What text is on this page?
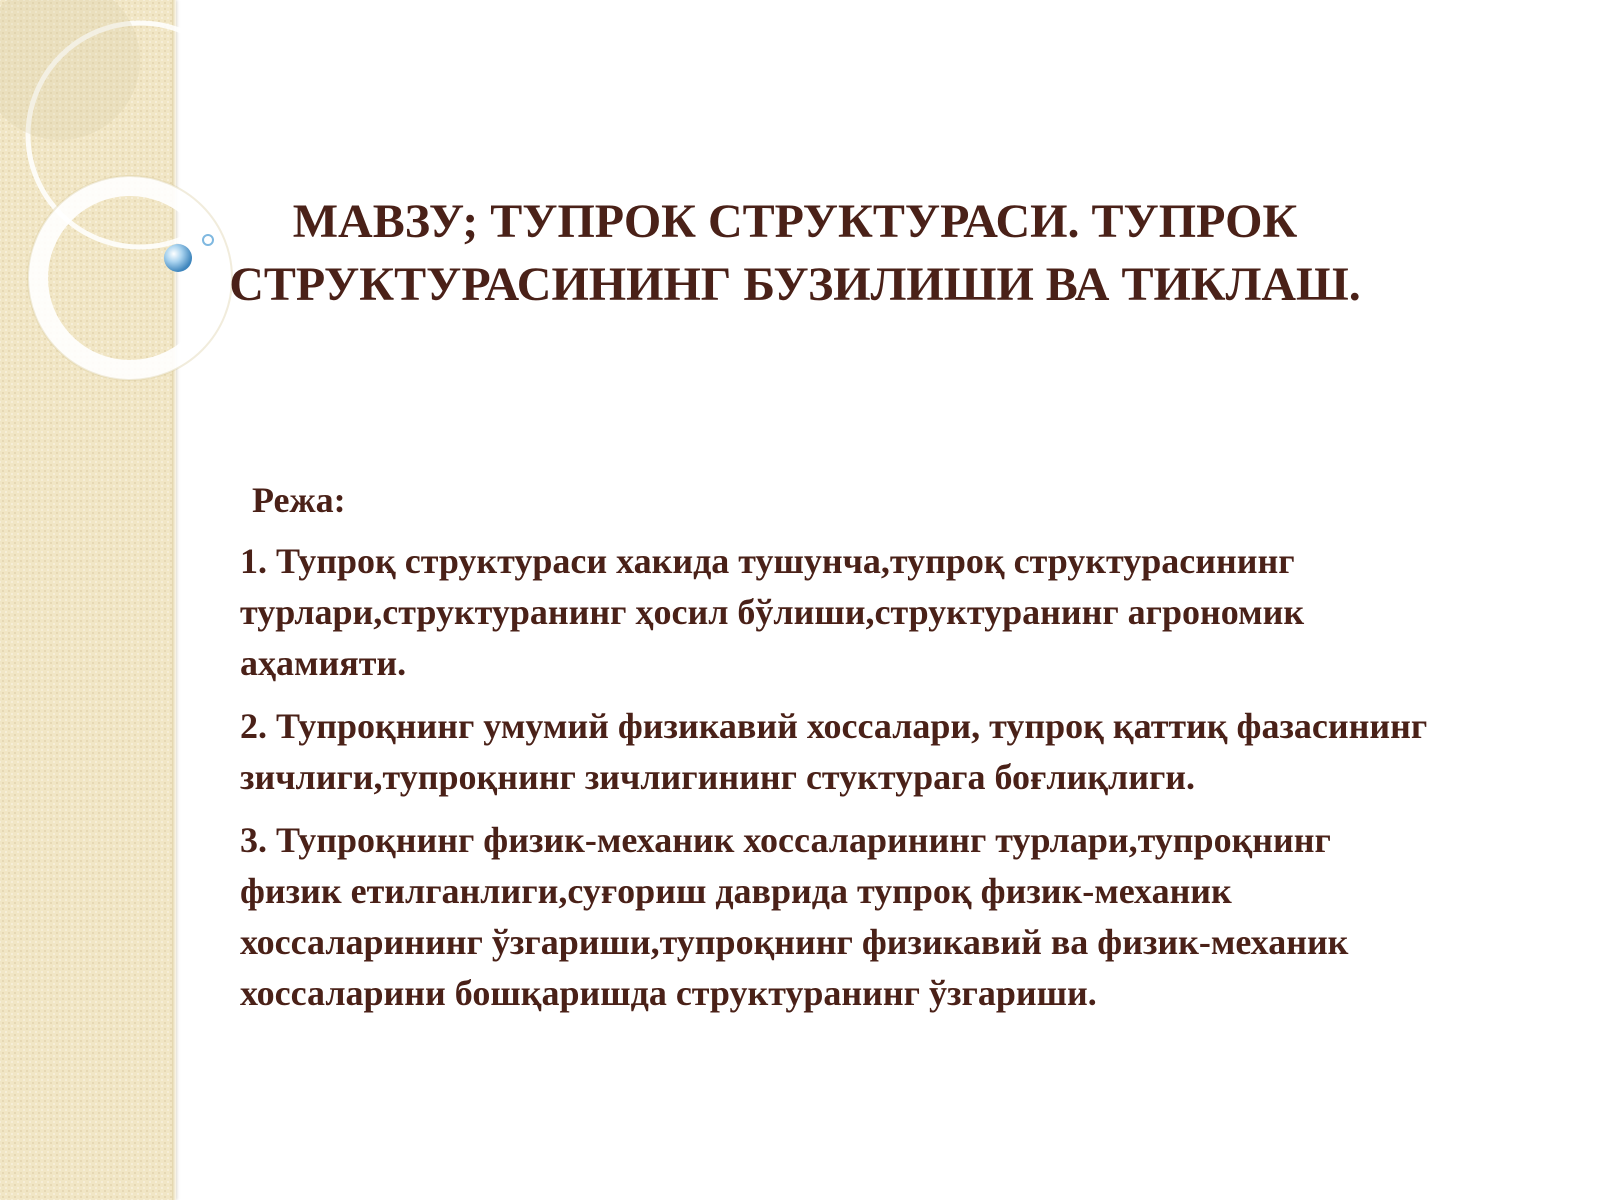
МАВЗУ; ТУПРОК СТРУКТУРАСИ. ТУПРОК СТРУКТУРАСИНИНГ БУЗИЛИШИ ВА ТИКЛАШ.

Режа:

1. Тупроқ структураси хакида тушунча,тупроқ структурасининг турлари,структуранинг ҳосил бўлиши,структуранинг агрономик аҳамияти.

2. Тупроқнинг умумий физикавий хоссалари, тупроқ қаттиқ фазасининг зичлиги,тупроқнинг зичлигининг стуктурага боғлиқлиги.

3. Тупроқнинг физик-механик хоссаларининг турлари,тупроқнинг физик етилганлиги,суғориш даврида тупроқ физик-механик хоссаларининг ўзгариши,тупроқнинг физикавий ва физик-механик хоссаларини бошқаришда структуранинг ўзгариши.
